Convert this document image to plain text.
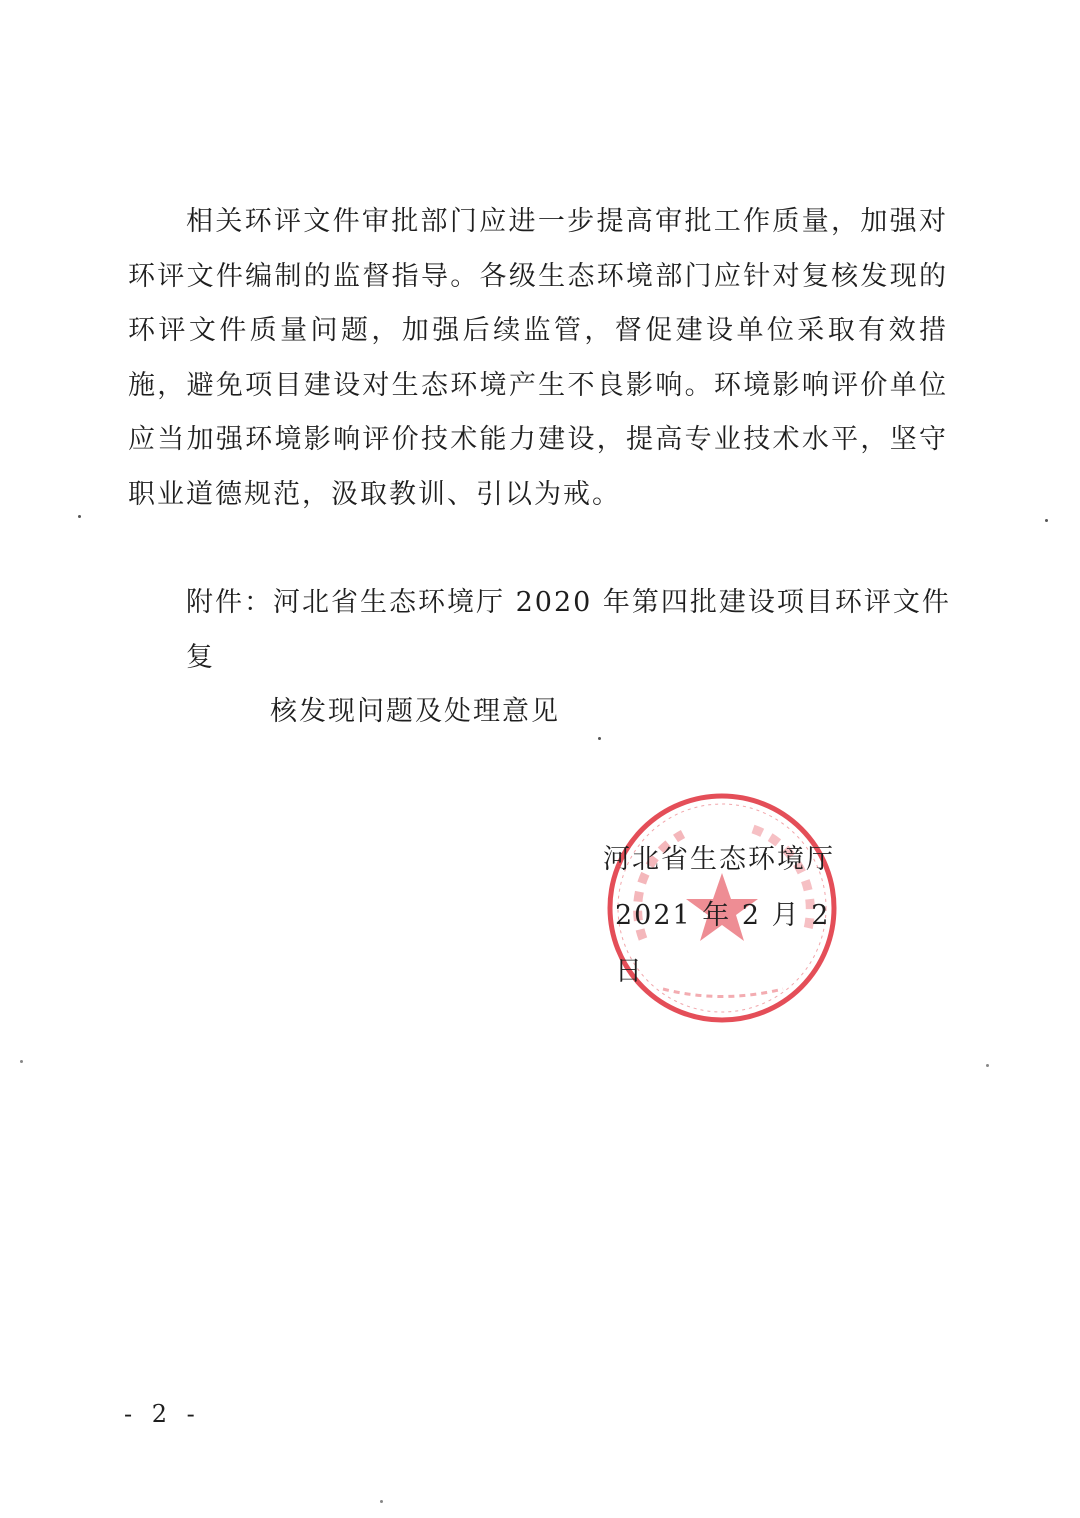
相关环评文件审批部门应进一步提高审批工作质量，加强对环评文件编制的监督指导。各级生态环境部门应针对复核发现的环评文件质量问题，加强后续监管，督促建设单位采取有效措施，避免项目建设对生态环境产生不良影响。环境影响评价单位应当加强环境影响评价技术能力建设，提高专业技术水平，坚守职业道德规范，汲取教训、引以为戒。

附件：河北省生态环境厅 2020 年第四批建设项目环评文件复
核发现问题及处理意见
河北省生态环境厅
2021 年 2 月 2 日
- 2 -
